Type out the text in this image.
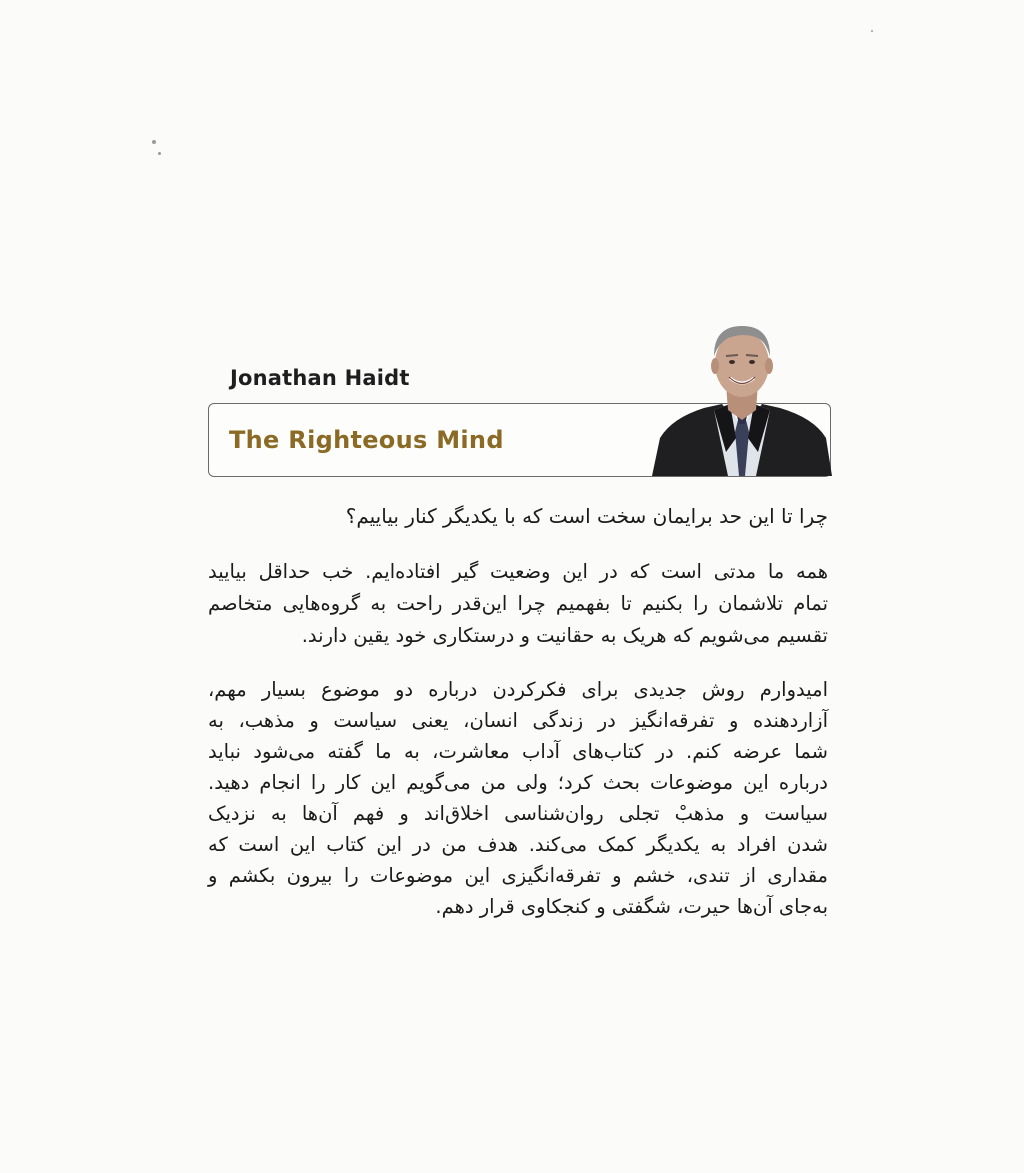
Jonathan Haidt
The Righteous Mind
چرا تا این حد برایمان سخت است که با یکدیگر کنار بیاییم؟
همه ما مدتی است که در این وضعیت گیر افتاده‌ایم. خب حداقل بیایید
تمام تلاشمان را بکنیم تا بفهمیم چرا این‌قدر راحت به گروه‌هایی متخاصم
تقسیم می‌شویم که هریک به حقانیت و درستکاری خود یقین دارند.
امیدوارم روش جدیدی برای فکرکردن درباره دو موضوع بسیار مهم،
آزاردهنده و تفرقه‌انگیز در زندگی انسان، یعنی سیاست و مذهب، به
شما عرضه کنم. در کتاب‌های آداب معاشرت، به ما گفته می‌شود نباید
درباره این موضوعات بحث کرد؛ ولی من می‌گویم این کار را انجام دهید.
سیاست و مذهبْ تجلی روان‌شناسی اخلاق‌اند و فهم آن‌ها به نزدیک
شدن افراد به یکدیگر کمک می‌کند. هدف من در این کتاب این است که
مقداری از تندی، خشم و تفرقه‌انگیزی این موضوعات را بیرون بکشم و
به‌جای آن‌ها حیرت، شگفتی و کنجکاوی قرار دهم.
